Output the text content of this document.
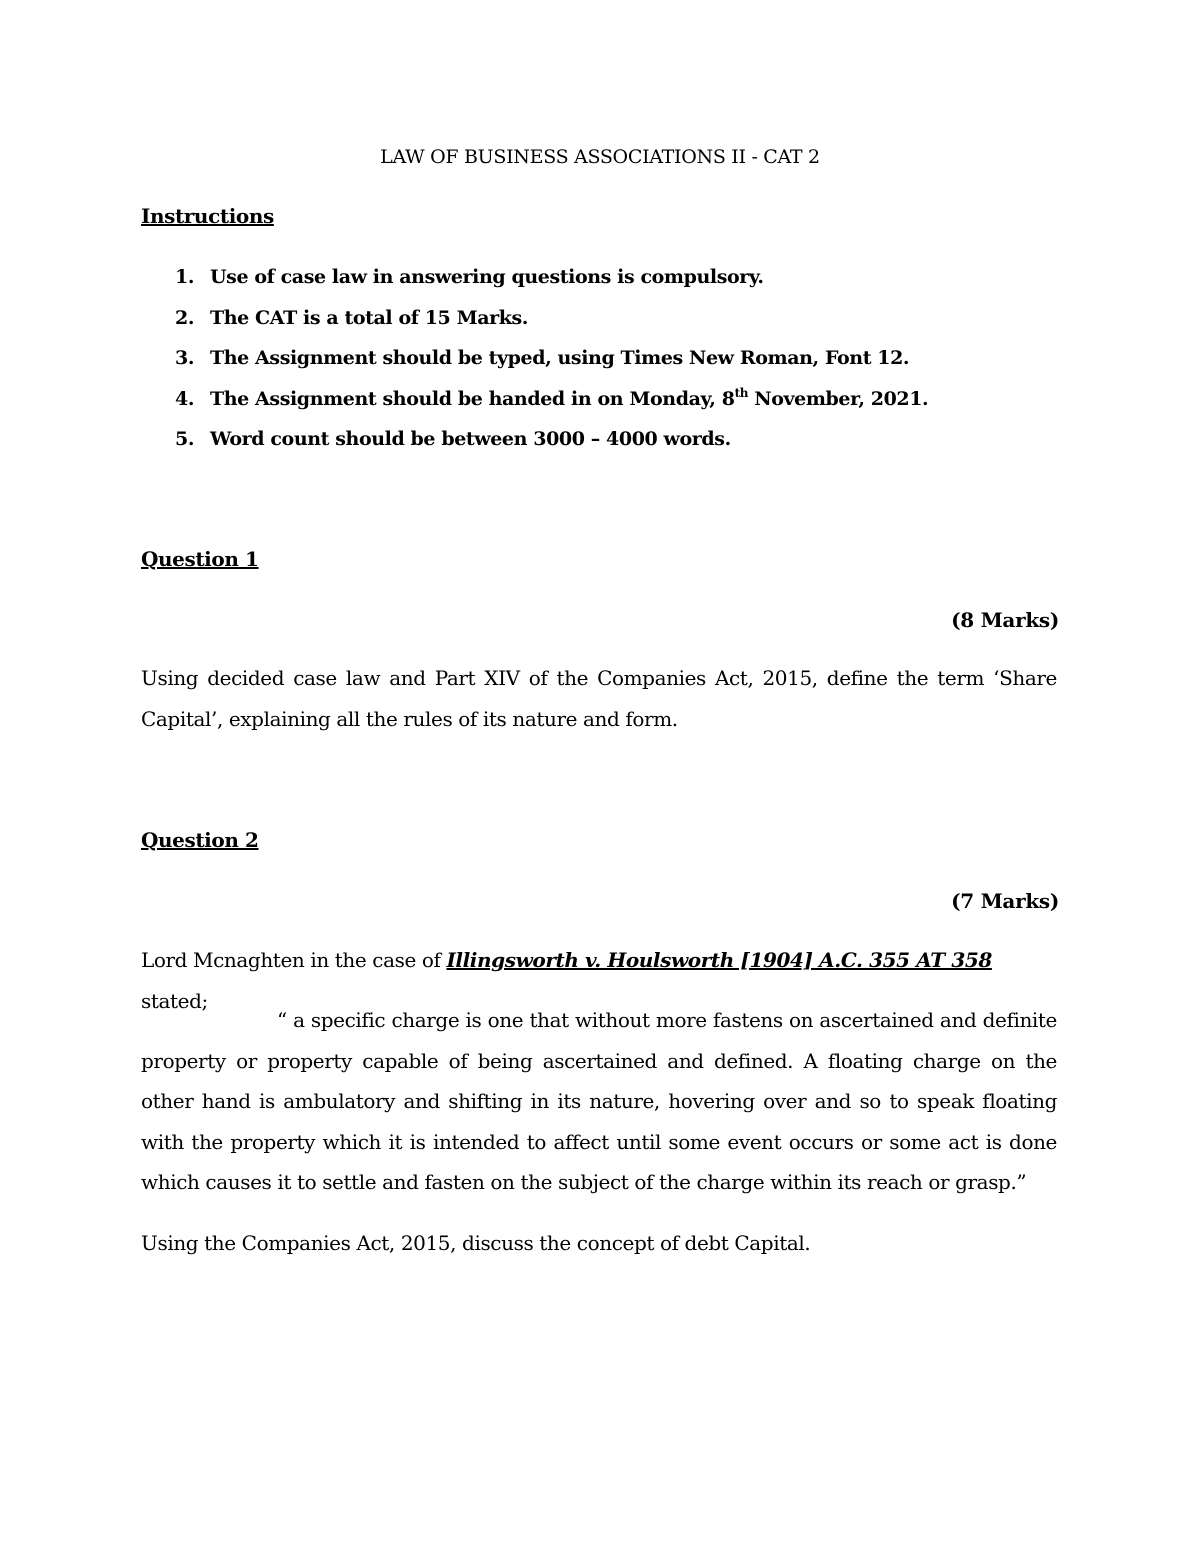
LAW OF BUSINESS ASSOCIATIONS II - CAT 2
Instructions
1. Use of case law in answering questions is compulsory.
2. The CAT is a total of 15 Marks.
3. The Assignment should be typed, using Times New Roman, Font 12.
4. The Assignment should be handed in on Monday, 8th November, 2021.
5. Word count should be between 3000 – 4000 words.
Question 1
(8 Marks)
Using decided case law and Part XIV of the Companies Act, 2015, define the term ‘Share Capital’, explaining all the rules of its nature and form.
Question 2
(7 Marks)
Lord Mcnaghten in the case of Illingsworth v. Houlsworth [1904] A.C. 355 AT 358 stated;
“ a specific charge is one that without more fastens on ascertained and definite property or property capable of being ascertained and defined. A floating charge on the other hand is ambulatory and shifting in its nature, hovering over and so to speak floating with the property which it is intended to affect until some event occurs or some act is done which causes it to settle and fasten on the subject of the charge within its reach or grasp.”
Using the Companies Act, 2015, discuss the concept of debt Capital.
